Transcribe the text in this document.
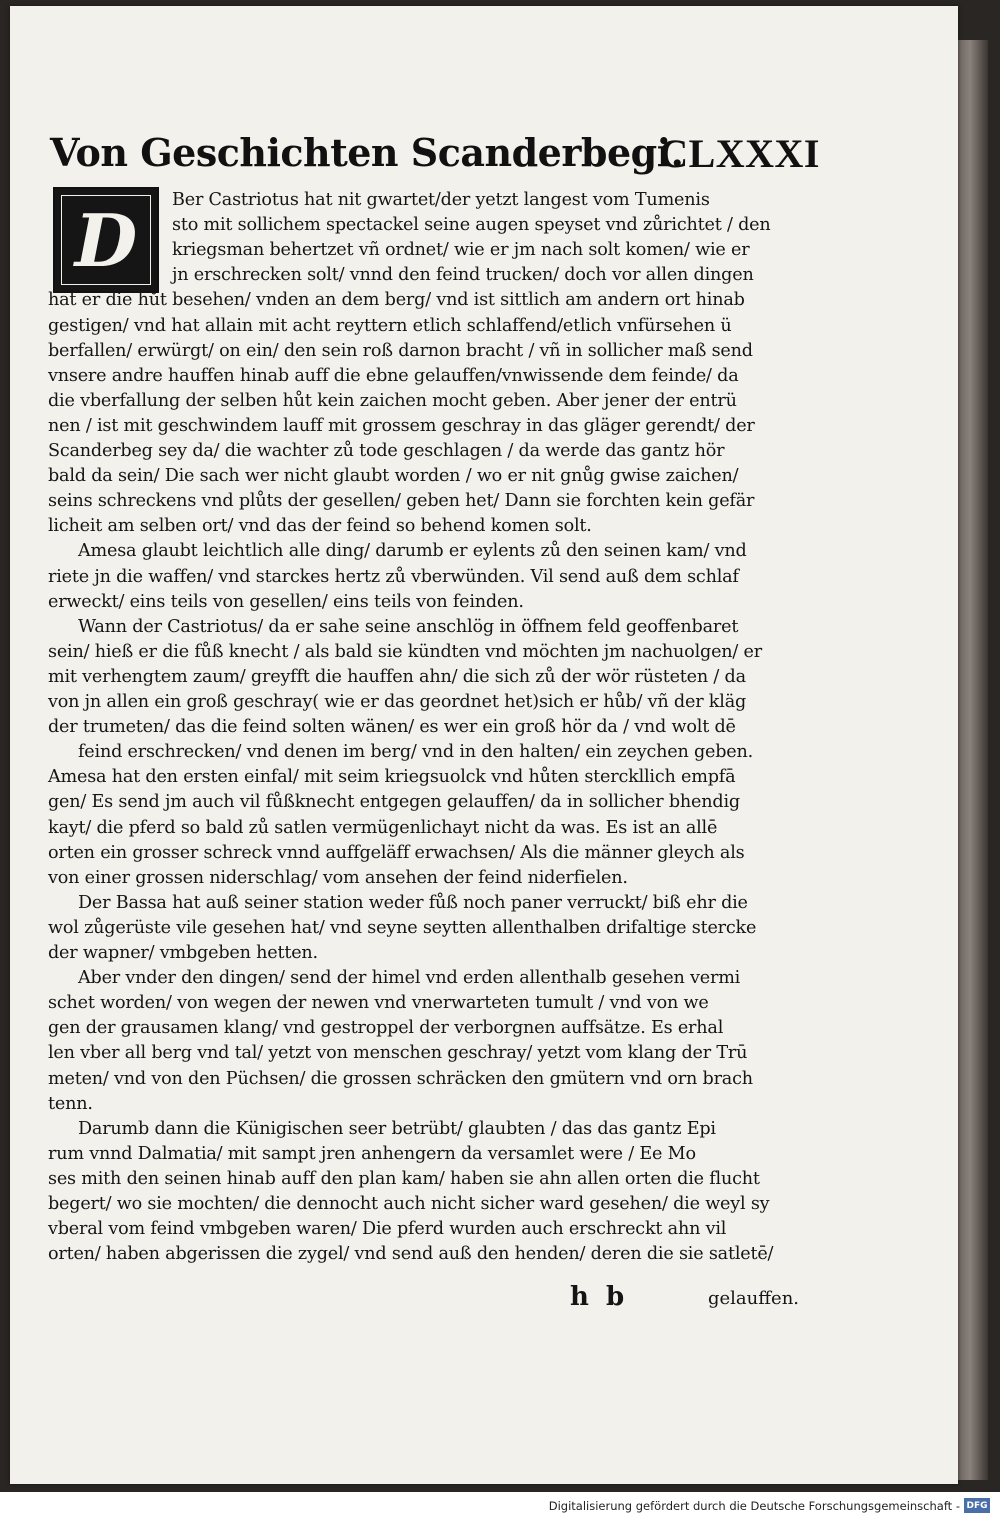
Von Geschichten Scanderbegi.
CLXXXI
D	Ber Castriotus hat nit gwartet/der yetzt langest vom Tumenis
sto mit sollichem spectackel seine augen speyset vnd zůrichtet / den
kriegsman behertzet vñ ordnet/ wie er jm nach solt komen/ wie er
jn erschrecken solt/ vnnd den feind trucken/ doch vor allen dingen
hat er die hůt besehen/ vnden an dem berg/ vnd ist sittlich am andern ort hinab
gestigen/ vnd hat allain mit acht reyttern etlich schlaffend/etlich vnfürsehen ü
berfallen/ erwürgt/ on ein/ den sein roß darnon bracht / vñ in sollicher maß send
vnsere andre hauffen hinab auff die ebne gelauffen/vnwissende dem feinde/ da
die vberfallung der selben hůt kein zaichen mocht geben. Aber jener der entrü
nen / ist mit geschwindem lauff mit grossem geschray in das gläger gerendt/ der
Scanderbeg sey da/ die wachter zů tode geschlagen / da werde das gantz hör
bald da sein/ Die sach wer nicht glaubt worden / wo er nit gnůg gwise zaichen/
seins schreckens vnd plůts der gesellen/ geben het/ Dann sie forchten kein gefär
licheit am selben ort/ vnd das der feind so behend komen solt.
Amesa glaubt leichtlich alle ding/ darumb er eylents zů den seinen kam/ vnd
riete jn die waffen/ vnd starckes hertz zů vberwünden. Vil send auß dem schlaf
erweckt/ eins teils von gesellen/ eins teils von feinden.
Wann der Castriotus/ da er sahe seine anschlög in öffnem feld geoffenbaret
sein/ hieß er die fůß knecht / als bald sie kündten vnd möchten jm nachuolgen/ er
mit verhengtem zaum/ greyfft die hauffen ahn/ die sich zů der wör rüsteten / da
von jn allen ein groß geschray( wie er das geordnet het)sich er hůb/ vñ der kläg
der trumeten/ das die feind solten wänen/ es wer ein groß hör da / vnd wolt dē
feind erschrecken/ vnd denen im berg/ vnd in den halten/ ein zeychen geben.
Amesa hat den ersten einfal/ mit seim kriegsuolck vnd hůten sterckllich empfā
gen/ Es send jm auch vil fůßknecht entgegen gelauffen/ da in sollicher bhendig
kayt/ die pferd so bald zů satlen vermügenlichayt nicht da was. Es ist an allē
orten ein grosser schreck vnnd auffgeläff erwachsen/ Als die männer gleych als
von einer grossen niderschlag/ vom ansehen der feind niderfielen.
Der Bassa hat auß seiner station weder fůß noch paner verruckt/ biß ehr die
wol zůgerüste vile gesehen hat/ vnd seyne seytten allenthalben drifaltige stercke
der wapner/ vmbgeben hetten.
Aber vnder den dingen/ send der himel vnd erden allenthalb gesehen vermi
schet worden/ von wegen der newen vnd vnerwarteten tumult / vnd von we
gen der grausamen klang/ vnd gestroppel der verborgnen auffsätze. Es erhal
len vber all berg vnd tal/ yetzt von menschen geschray/ yetzt vom klang der Trū
meten/ vnd von den Püchsen/ die grossen schräcken den gmütern vnd orn brach
tenn.
Darumb dann die Künigischen seer betrübt/ glaubten / das das gantz Epi
rum vnnd Dalmatia/ mit sampt jren anhengern da versamlet were / Ee Mo
ses mith den seinen hinab auff den plan kam/ haben sie ahn allen orten die flucht
begert/ wo sie mochten/ die dennocht auch nicht sicher ward gesehen/ die weyl sy
vberal vom feind vmbgeben waren/ Die pferd wurden auch erschreckt ahn vil
orten/ haben abgerissen die zygel/ vnd send auß den henden/ deren die sie satletē/
h b	gelauffen.
Digitalisierung gefördert durch die Deutsche Forschungsgemeinschaft - DFG
